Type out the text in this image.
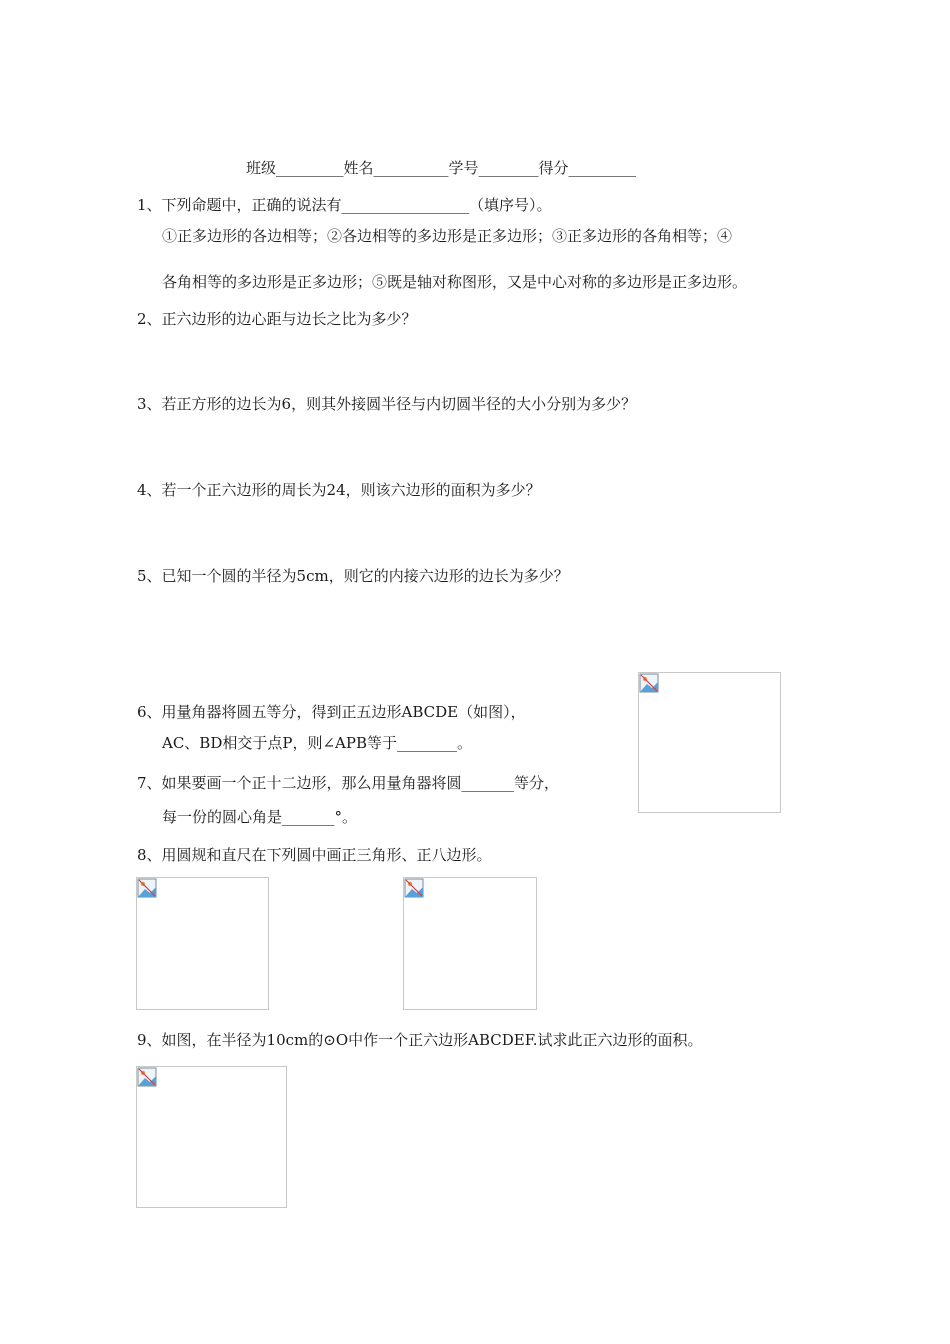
班级_________姓名__________学号________得分_________
1、下列命题中，正确的说法有_________________（填序号）。
①正多边形的各边相等；②各边相等的多边形是正多边形；③正多边形的各角相等；④
各角相等的多边形是正多边形；⑤既是轴对称图形，又是中心对称的多边形是正多边形。
2、正六边形的边心距与边长之比为多少？
3、若正方形的边长为6，则其外接圆半径与内切圆半径的大小分别为多少？
4、若一个正六边形的周长为24，则该六边形的面积为多少？
5、已知一个圆的半径为5cm，则它的内接六边形的边长为多少？
6、用量角器将圆五等分，得到正五边形ABCDE（如图），
AC、BD相交于点P，则∠APB等于________。
7、如果要画一个正十二边形，那么用量角器将圆_______等分，
每一份的圆心角是_______°。
8、用圆规和直尺在下列圆中画正三角形、正八边形。
9、如图，在半径为10cm的⊙O中作一个正六边形ABCDEF.试求此正六边形的面积。
